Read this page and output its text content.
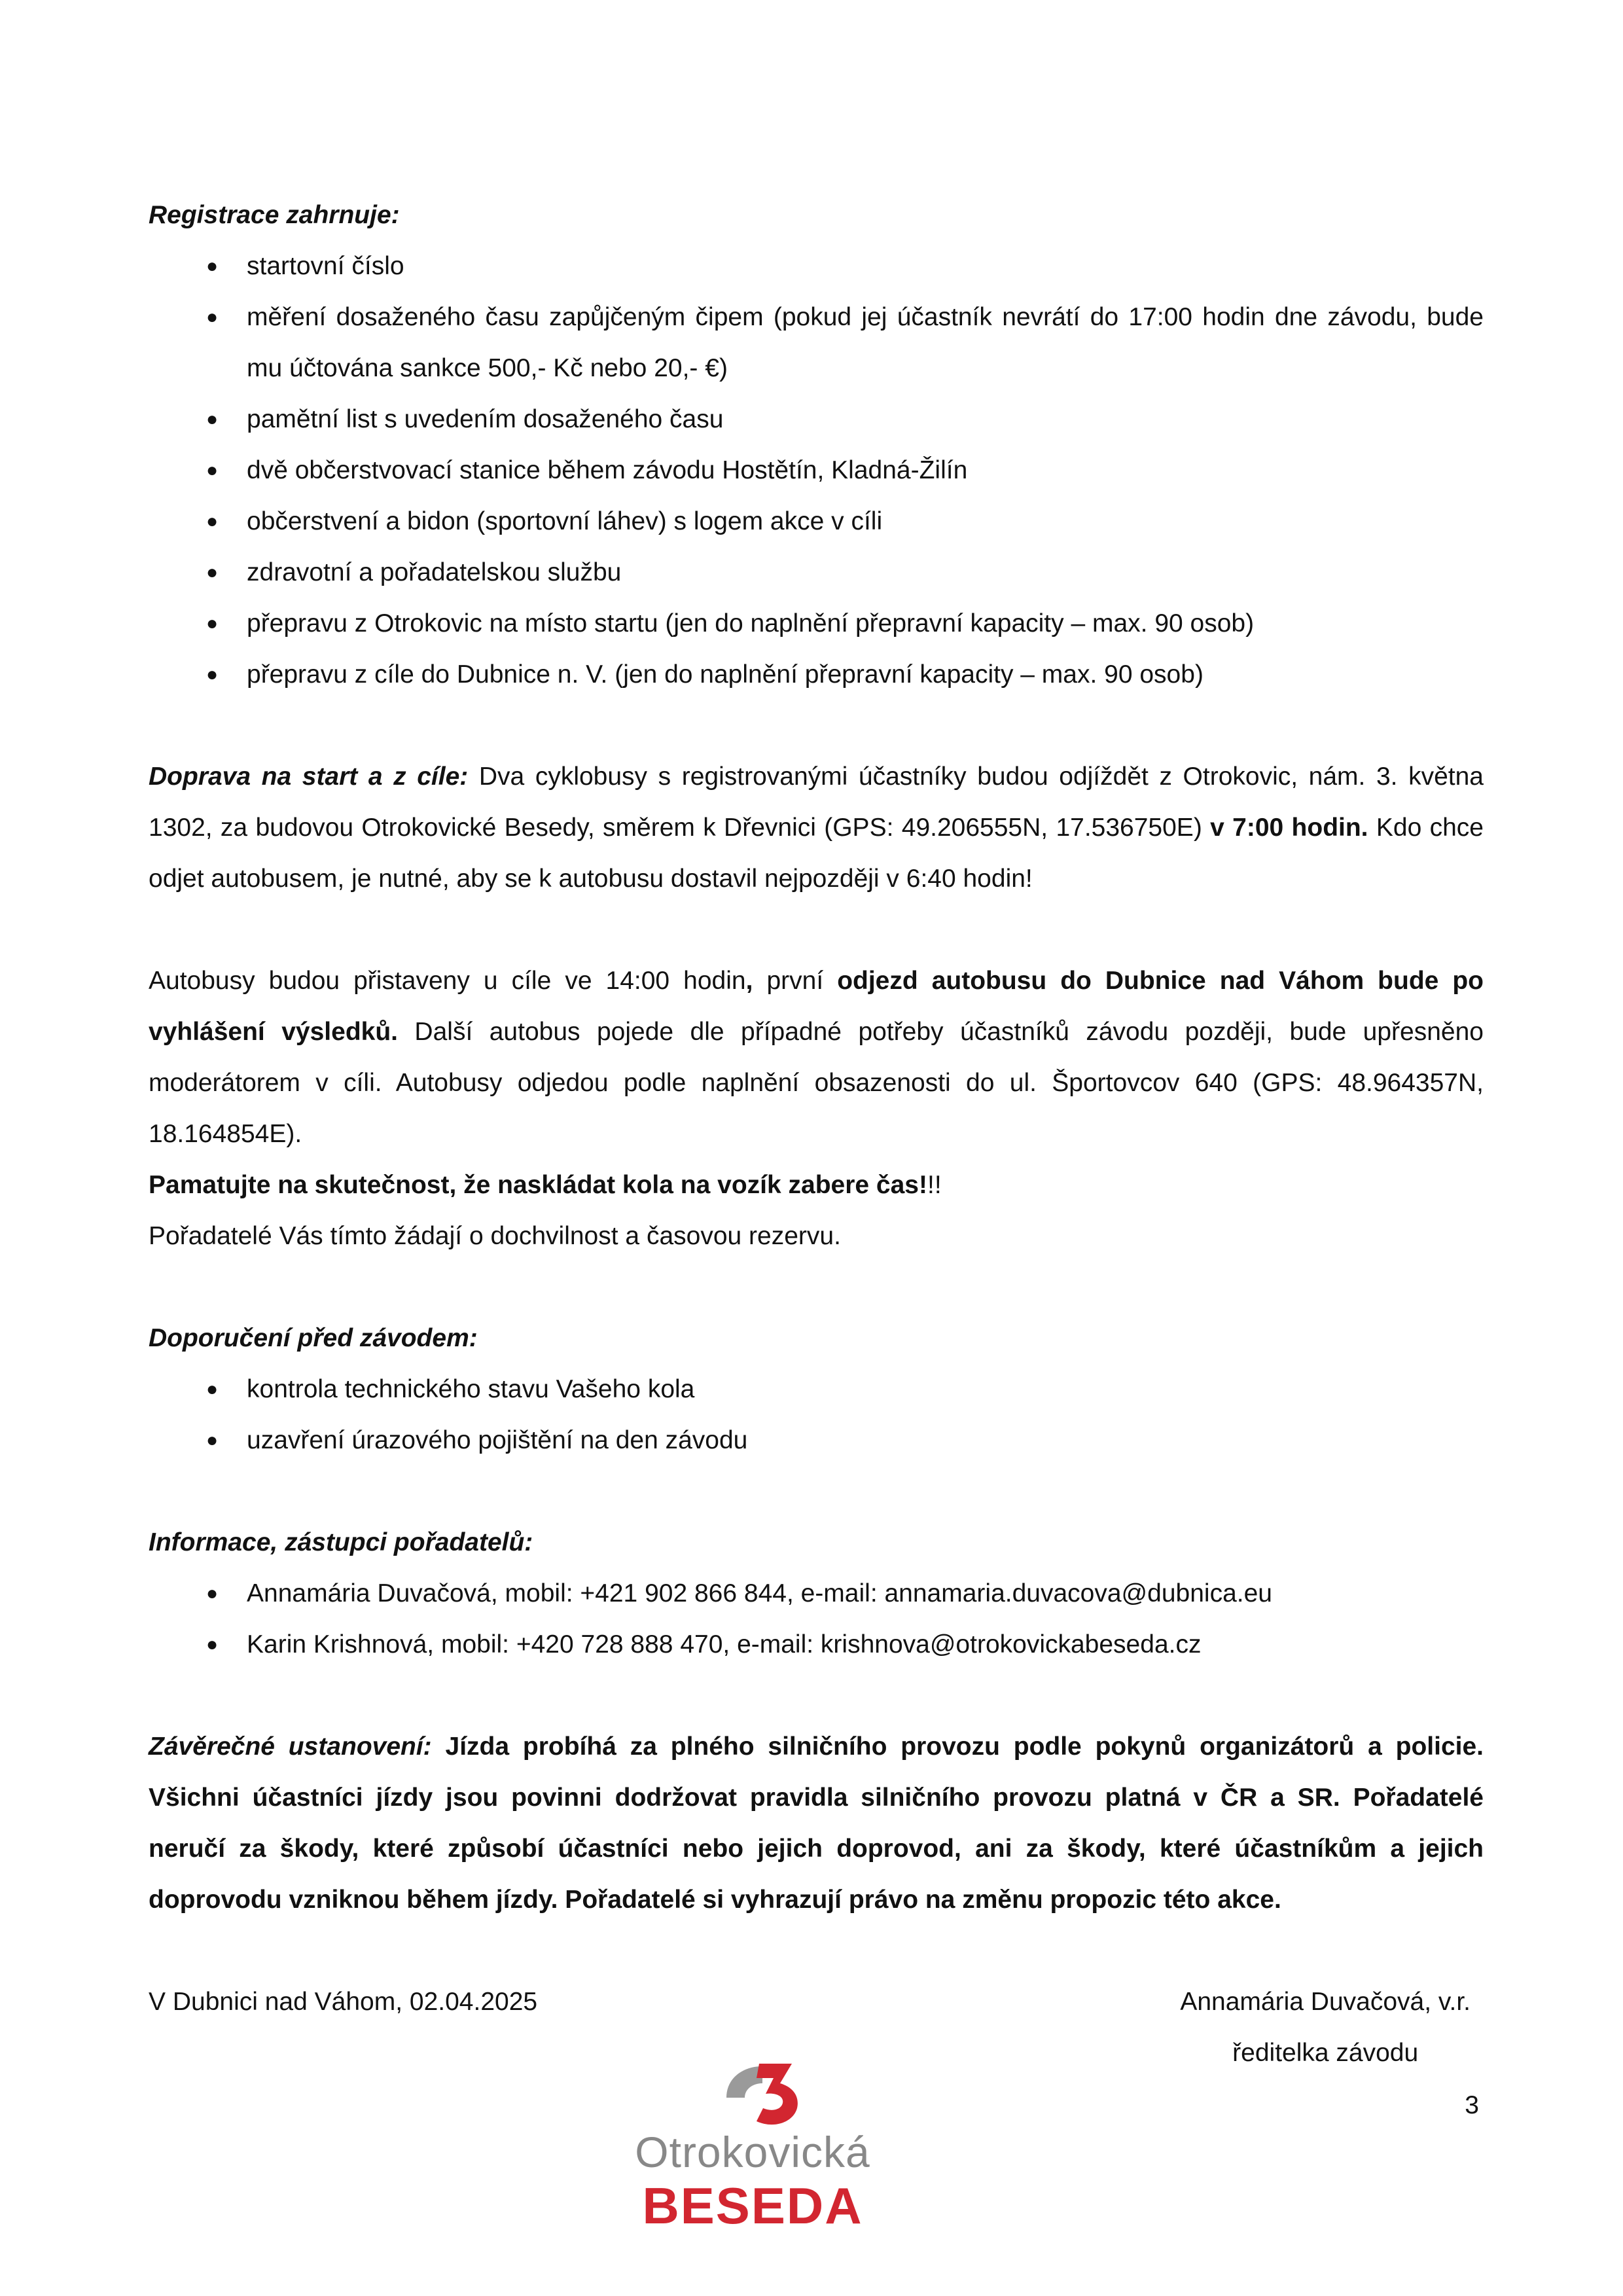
Registrace zahrnuje:

● startovní číslo
● měření dosaženého času zapůjčeným čipem (pokud jej účastník nevrátí do 17:00 hodin dne závodu, bude mu účtována sankce 500,- Kč nebo 20,- €)
● pamětní list s uvedením dosaženého času
● dvě občerstvovací stanice během závodu Hostětín, Kladná-Žilín
● občerstvení a bidon (sportovní láhev) s logem akce v cíli
● zdravotní a pořadatelskou službu
● přepravu z Otrokovic na místo startu (jen do naplnění přepravní kapacity – max. 90 osob)
● přepravu z cíle do Dubnice n. V. (jen do naplnění přepravní kapacity – max. 90 osob)

Doprava na start a z cíle: Dva cyklobusy s registrovanými účastníky budou odjíždět z Otrokovic, nám. 3. května 1302, za budovou Otrokovické Besedy, směrem k Dřevnici (GPS: 49.206555N, 17.536750E) v 7:00 hodin. Kdo chce odjet autobusem, je nutné, aby se k autobusu dostavil nejpozději v 6:40 hodin!

Autobusy budou přistaveny u cíle ve 14:00 hodin, první odjezd autobusu do Dubnice nad Váhom bude po vyhlášení výsledků. Další autobus pojede dle případné potřeby účastníků závodu později, bude upřesněno moderátorem v cíli. Autobusy odjedou podle naplnění obsazenosti do ul. Športovcov 640 (GPS: 48.964357N, 18.164854E).

Pamatujte na skutečnost, že naskládat kola na vozík zabere čas!!!

Pořadatelé Vás tímto žádají o dochvilnost a časovou rezervu.

Doporučení před závodem:

● kontrola technického stavu Vašeho kola
● uzavření úrazového pojištění na den závodu

Informace, zástupci pořadatelů:

● Annamária Duvačová, mobil: +421 902 866 844, e-mail: annamaria.duvacova@dubnica.eu
● Karin Krishnová, mobil: +420 728 888 470, e-mail: krishnova@otrokovickabeseda.cz

Závěrečné ustanovení: Jízda probíhá za plného silničního provozu podle pokynů organizátorů a policie. Všichni účastníci jízdy jsou povinni dodržovat pravidla silničního provozu platná v ČR a SR. Pořadatelé neručí za škody, které způsobí účastníci nebo jejich doprovod, ani za škody, které účastníkům a jejich doprovodu vzniknou během jízdy. Pořadatelé si vyhrazují právo na změnu propozic této akce.

V Dubnici nad Váhom, 02.04.2025	Annamária Duvačová, v.r.
ředitelka závodu
Otrokovická
BESEDA
3
